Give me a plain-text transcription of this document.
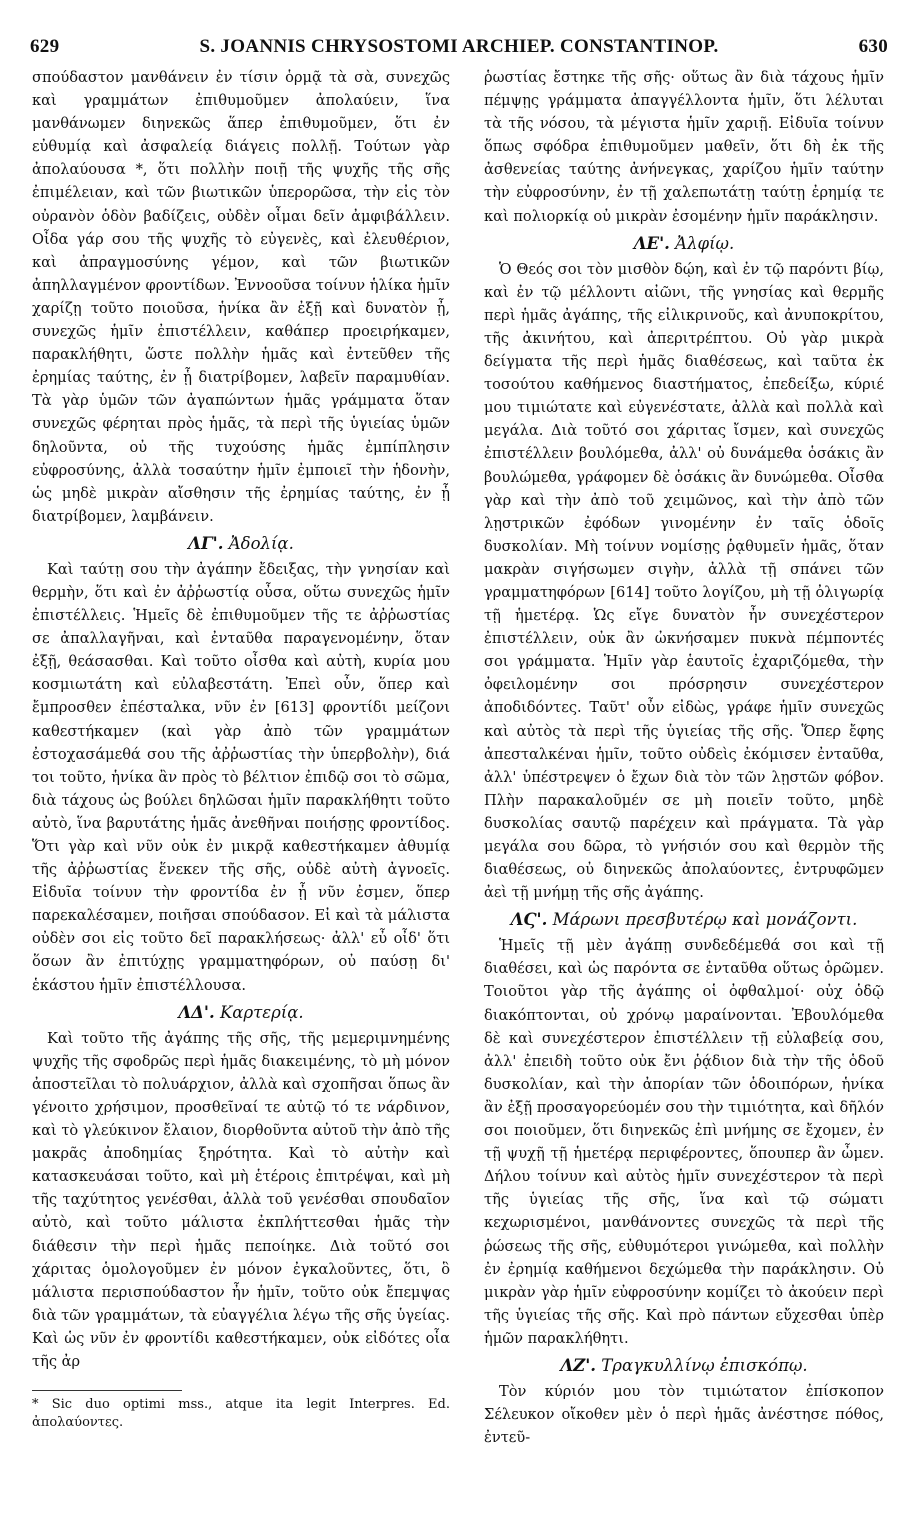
629	S. JOANNIS CHRYSOSTOMI ARCHIEP. CONSTANTINOP.	630

σπούδαστον μανθάνειν ἐν τίσιν ὁρμᾷ τὰ σὰ, συνεχῶς καὶ γραμμάτων ἐπιθυμοῦμεν ἀπολαύειν, ἵνα μανθάνωμεν διηνεκῶς ἅπερ ἐπιθυμοῦμεν, ὅτι ἐν εὐθυμίᾳ καὶ ἀσφαλείᾳ διάγεις πολλῇ. Τούτων γὰρ ἀπολαύουσα *, ὅτι πολλὴν ποιῇ τῆς ψυχῆς τῆς σῆς ἐπιμέλειαν, καὶ τῶν βιωτικῶν ὑπερορῶσα, τὴν εἰς τὸν οὐρανὸν ὁδὸν βαδίζεις, οὐδὲν οἶμαι δεῖν ἀμφιβάλλειν. Οἶδα γάρ σου τῆς ψυχῆς τὸ εὐγενὲς, καὶ ἐλευθέριον, καὶ ἀπραγμοσύνης γέμον, καὶ τῶν βιωτικῶν ἀπηλλαγμένον φροντίδων. Ἐννοοῦσα τοίνυν ἡλίκα ἡμῖν χαρίζῃ τοῦτο ποιοῦσα, ἡνίκα ἂν ἐξῇ καὶ δυνατὸν ᾖ, συνεχῶς ἡμῖν ἐπιστέλλειν, καθάπερ προειρήκαμεν, παρακλήθητι, ὥστε πολλὴν ἡμᾶς καὶ ἐντεῦθεν τῆς ἐρημίας ταύτης, ἐν ᾗ διατρίβομεν, λαβεῖν παραμυθίαν. Τὰ γὰρ ὑμῶν τῶν ἀγαπώντων ἡμᾶς γράμματα ὅταν συνεχῶς φέρηται πρὸς ἡμᾶς, τὰ περὶ τῆς ὑγιείας ὑμῶν δηλοῦντα, οὐ τῆς τυχούσης ἡμᾶς ἐμπίπλησιν εὐφροσύνης, ἀλλὰ τοσαύτην ἡμῖν ἐμποιεῖ τὴν ἡδονὴν, ὡς μηδὲ μικρὰν αἴσθησιν τῆς ἐρημίας ταύτης, ἐν ᾗ διατρίβομεν, λαμβάνειν.

ΛΓ'. Ἀδολίᾳ.

Καὶ ταύτῃ σου τὴν ἀγάπην ἔδειξας, τὴν γνησίαν καὶ θερμὴν, ὅτι καὶ ἐν ἀῤῥωστίᾳ οὖσα, οὕτω συνεχῶς ἡμῖν ἐπιστέλλεις. Ἡμεῖς δὲ ἐπιθυμοῦμεν τῆς τε ἀῤῥωστίας σε ἀπαλλαγῆναι, καὶ ἐνταῦθα παραγενομένην, ὅταν ἐξῇ, θεάσασθαι. Καὶ τοῦτο οἶσθα καὶ αὐτὴ, κυρία μου κοσμιωτάτη καὶ εὐλαβεστάτη. Ἐπεὶ οὖν, ὅπερ καὶ ἔμπροσθεν ἐπέσταλκα, νῦν ἐν [613] φροντίδι μείζονι καθεστήκαμεν (καὶ γὰρ ἀπὸ τῶν γραμμάτων ἐστοχασάμεθά σου τῆς ἀῤῥωστίας τὴν ὑπερβολὴν), διά τοι τοῦτο, ἡνίκα ἂν πρὸς τὸ βέλτιον ἐπιδῷ σοι τὸ σῶμα, διὰ τάχους ὡς βούλει δηλῶσαι ἡμῖν παρακλήθητι τοῦτο αὐτὸ, ἵνα βαρυτάτης ἡμᾶς ἀνεθῆναι ποιήσῃς φροντίδος. Ὅτι γὰρ καὶ νῦν οὐκ ἐν μικρᾷ καθεστήκαμεν ἀθυμίᾳ τῆς ἀῤῥωστίας ἕνεκεν τῆς σῆς, οὐδὲ αὐτὴ ἀγνοεῖς. Εἰδυῖα τοίνυν τὴν φροντίδα ἐν ᾗ νῦν ἐσμεν, ὅπερ παρεκαλέσαμεν, ποιῆσαι σπούδασον. Εἰ καὶ τὰ μάλιστα οὐδὲν σοι εἰς τοῦτο δεῖ παρακλήσεως· ἀλλ' εὖ οἶδ' ὅτι ὅσων ἂν ἐπιτύχῃς γραμματηφόρων, οὐ παύσῃ δι' ἑκάστου ἡμῖν ἐπιστέλλουσα.

ΛΔ'. Καρτερίᾳ.

Καὶ τοῦτο τῆς ἀγάπης τῆς σῆς, τῆς μεμεριμνημένης ψυχῆς τῆς σφοδρῶς περὶ ἡμᾶς διακειμένης, τὸ μὴ μόνον ἀποστεῖλαι τὸ πολυάρχιον, ἀλλὰ καὶ σχοπῆσαι ὅπως ἂν γένοιτο χρήσιμον, προσθεῖναί τε αὐτῷ τό τε νάρδινον, καὶ τὸ γλεύκινον ἔλαιον, διορθοῦντα αὐτοῦ τὴν ἀπὸ τῆς μακρᾶς ἀποδημίας ξηρότητα. Καὶ τὸ αὐτὴν καὶ κατασκευάσαι τοῦτο, καὶ μὴ ἑτέροις ἐπιτρέψαι, καὶ μὴ τῆς ταχύτητος γενέσθαι, ἀλλὰ τοῦ γενέσθαι σπουδαῖον αὐτὸ, καὶ τοῦτο μάλιστα ἐκπλήττεσθαι ἡμᾶς τὴν διάθεσιν τὴν περὶ ἡμᾶς πεποίηκε. Διὰ τοῦτό σοι χάριτας ὁμολογοῦμεν ἐν μόνον ἐγκαλοῦντες, ὅτι, ὃ μάλιστα περισπούδαστον ἦν ἡμῖν, τοῦτο οὐκ ἔπεμψας διὰ τῶν γραμμάτων, τὰ εὐαγγέλια λέγω τῆς σῆς ὑγείας. Καὶ ὡς νῦν ἐν φροντίδι καθεστήκαμεν, οὐκ εἰδότες οἷα τῆς ἀρ

ῥωστίας ἔστηκε τῆς σῆς· οὕτως ἂν διὰ τάχους ἡμῖν πέμψῃς γράμματα ἀπαγγέλλοντα ἡμῖν, ὅτι λέλυται τὰ τῆς νόσου, τὰ μέγιστα ἡμῖν χαριῇ. Εἰδυῖα τοίνυν ὅπως σφόδρα ἐπιθυμοῦμεν μαθεῖν, ὅτι δὴ ἐκ τῆς ἀσθενείας ταύτης ἀνήνεγκας, χαρίζου ἡμῖν ταύτην τὴν εὐφροσύνην, ἐν τῇ χαλεπωτάτῃ ταύτῃ ἐρημίᾳ τε καὶ πολιορκίᾳ οὐ μικρὰν ἐσομένην ἡμῖν παράκλησιν.

ΛΕ'. Ἀλφίῳ.

Ὁ Θεός σοι τὸν μισθὸν δῴη, καὶ ἐν τῷ παρόντι βίῳ, καὶ ἐν τῷ μέλλοντι αἰῶνι, τῆς γνησίας καὶ θερμῆς περὶ ἡμᾶς ἀγάπης, τῆς εἰλικρινοῦς, καὶ ἀνυποκρίτου, τῆς ἀκινήτου, καὶ ἀπεριτρέπτου. Οὐ γὰρ μικρὰ δείγματα τῆς περὶ ἡμᾶς διαθέσεως, καὶ ταῦτα ἐκ τοσούτου καθήμενος διαστήματος, ἐπεδείξω, κύριέ μου τιμιώτατε καὶ εὐγενέστατε, ἀλλὰ καὶ πολλὰ καὶ μεγάλα. Διὰ τοῦτό σοι χάριτας ἴσμεν, καὶ συνεχῶς ἐπιστέλλειν βουλόμεθα, ἀλλ' οὐ δυνάμεθα ὁσάκις ἂν βουλώμεθα, γράφομεν δὲ ὁσάκις ἂν δυνώμεθα. Οἶσθα γὰρ καὶ τὴν ἀπὸ τοῦ χειμῶνος, καὶ τὴν ἀπὸ τῶν λῃστρικῶν ἐφόδων γινομένην ἐν ταῖς ὁδοῖς δυσκολίαν. Μὴ τοίνυν νομίσῃς ῥᾳθυμεῖν ἡμᾶς, ὅταν μακρὰν σιγήσωμεν σιγὴν, ἀλλὰ τῇ σπάνει τῶν γραμματηφόρων [614] τοῦτο λογίζου, μὴ τῇ ὀλιγωρίᾳ τῇ ἡμετέρᾳ. Ὡς εἴγε δυνατὸν ἦν συνεχέστερον ἐπιστέλλειν, οὐκ ἂν ὠκνήσαμεν πυκνὰ πέμποντές σοι γράμματα. Ἡμῖν γὰρ ἑαυτοῖς ἐχαριζόμεθα, τὴν ὀφειλομένην σοι πρόσρησιν συνεχέστερον ἀποδιδόντες. Ταῦτ' οὖν εἰδὼς, γράφε ἡμῖν συνεχῶς καὶ αὐτὸς τὰ περὶ τῆς ὑγιείας τῆς σῆς. Ὅπερ ἔφης ἀπεσταλκέναι ἡμῖν, τοῦτο οὐδεὶς ἐκόμισεν ἐνταῦθα, ἀλλ' ὑπέστρεψεν ὁ ἔχων διὰ τὸν τῶν λῃστῶν φόβον. Πλὴν παρακαλοῦμέν σε μὴ ποιεῖν τοῦτο, μηδὲ δυσκολίας σαυτῷ παρέχειν καὶ πράγματα. Τὰ γὰρ μεγάλα σου δῶρα, τὸ γνήσιόν σου καὶ θερμὸν τῆς διαθέσεως, οὐ διηνεκῶς ἀπολαύοντες, ἐντρυφῶμεν ἀεὶ τῇ μνήμῃ τῆς σῆς ἀγάπης.

ΛϚ'. Μάρωνι πρεσβυτέρῳ καὶ μονάζοντι.

Ἡμεῖς τῇ μὲν ἀγάπῃ συνδεδέμεθά σοι καὶ τῇ διαθέσει, καὶ ὡς παρόντα σε ἐνταῦθα οὕτως ὁρῶμεν. Τοιοῦτοι γὰρ τῆς ἀγάπης οἱ ὀφθαλμοί· οὐχ ὁδῷ διακόπτονται, οὐ χρόνῳ μαραίνονται. Ἐβουλόμεθα δὲ καὶ συνεχέστερον ἐπιστέλλειν τῇ εὐλαβείᾳ σου, ἀλλ' ἐπειδὴ τοῦτο οὐκ ἔνι ῥᾴδιον διὰ τὴν τῆς ὁδοῦ δυσκολίαν, καὶ τὴν ἀπορίαν τῶν ὁδοιπόρων, ἡνίκα ἂν ἐξῇ προσαγορεύομέν σου τὴν τιμιότητα, καὶ δῆλόν σοι ποιοῦμεν, ὅτι διηνεκῶς ἐπὶ μνήμης σε ἔχομεν, ἐν τῇ ψυχῇ τῇ ἡμετέρᾳ περιφέροντες, ὅπουπερ ἂν ὦμεν. Δήλου τοίνυν καὶ αὐτὸς ἡμῖν συνεχέστερον τὰ περὶ τῆς ὑγιείας τῆς σῆς, ἵνα καὶ τῷ σώματι κεχωρισμένοι, μανθάνοντες συνεχῶς τὰ περὶ τῆς ῥώσεως τῆς σῆς, εὐθυμότεροι γινώμεθα, καὶ πολλὴν ἐν ἐρημίᾳ καθήμενοι δεχώμεθα τὴν παράκλησιν. Οὐ μικρὰν γὰρ ἡμῖν εὐφροσύνην κομίζει τὸ ἀκούειν περὶ τῆς ὑγιείας τῆς σῆς. Καὶ πρὸ πάντων εὔχεσθαι ὑπὲρ ἡμῶν παρακλήθητι.

ΛΖ'. Τραγκυλλίνῳ ἐπισκόπῳ.

Τὸν κύριόν μου τὸν τιμιώτατον ἐπίσκοπον Σέλευκον οἴκοθεν μὲν ὁ περὶ ἡμᾶς ἀνέστησε πόθος, ἐντεῦ-

* Sic duo optimi mss., atque ita legit Interpres. Ed. ἀπολαύοντες.
